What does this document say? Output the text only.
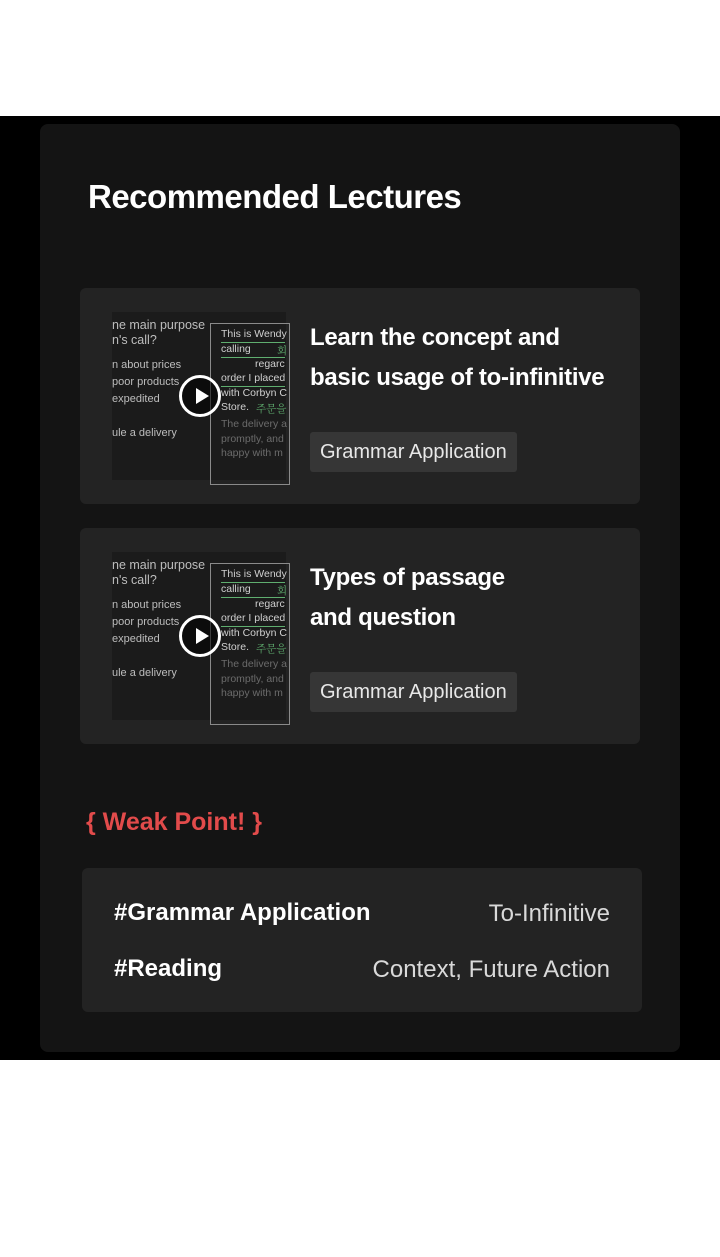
Recommended Lectures
ne main purpose
n's call?
n about prices
poor products
expedited
ule a delivery
This is Wendy
calling 회
regarc
order I placed
with Corbyn C
Store. 주문을
The delivery a
promptly, and
happy with m
Learn the concept and
basic usage of to-infinitive
Grammar Application
ne main purpose
n's call?
n about prices
poor products
expedited
ule a delivery
This is Wendy
calling 회
regarc
order I placed
with Corbyn C
Store. 주문을
The delivery a
promptly, and
happy with m
Types of passage
and question
Grammar Application
{ Weak Point! }
#Grammar Application	To-Infinitive
#Reading	Context, Future Action
